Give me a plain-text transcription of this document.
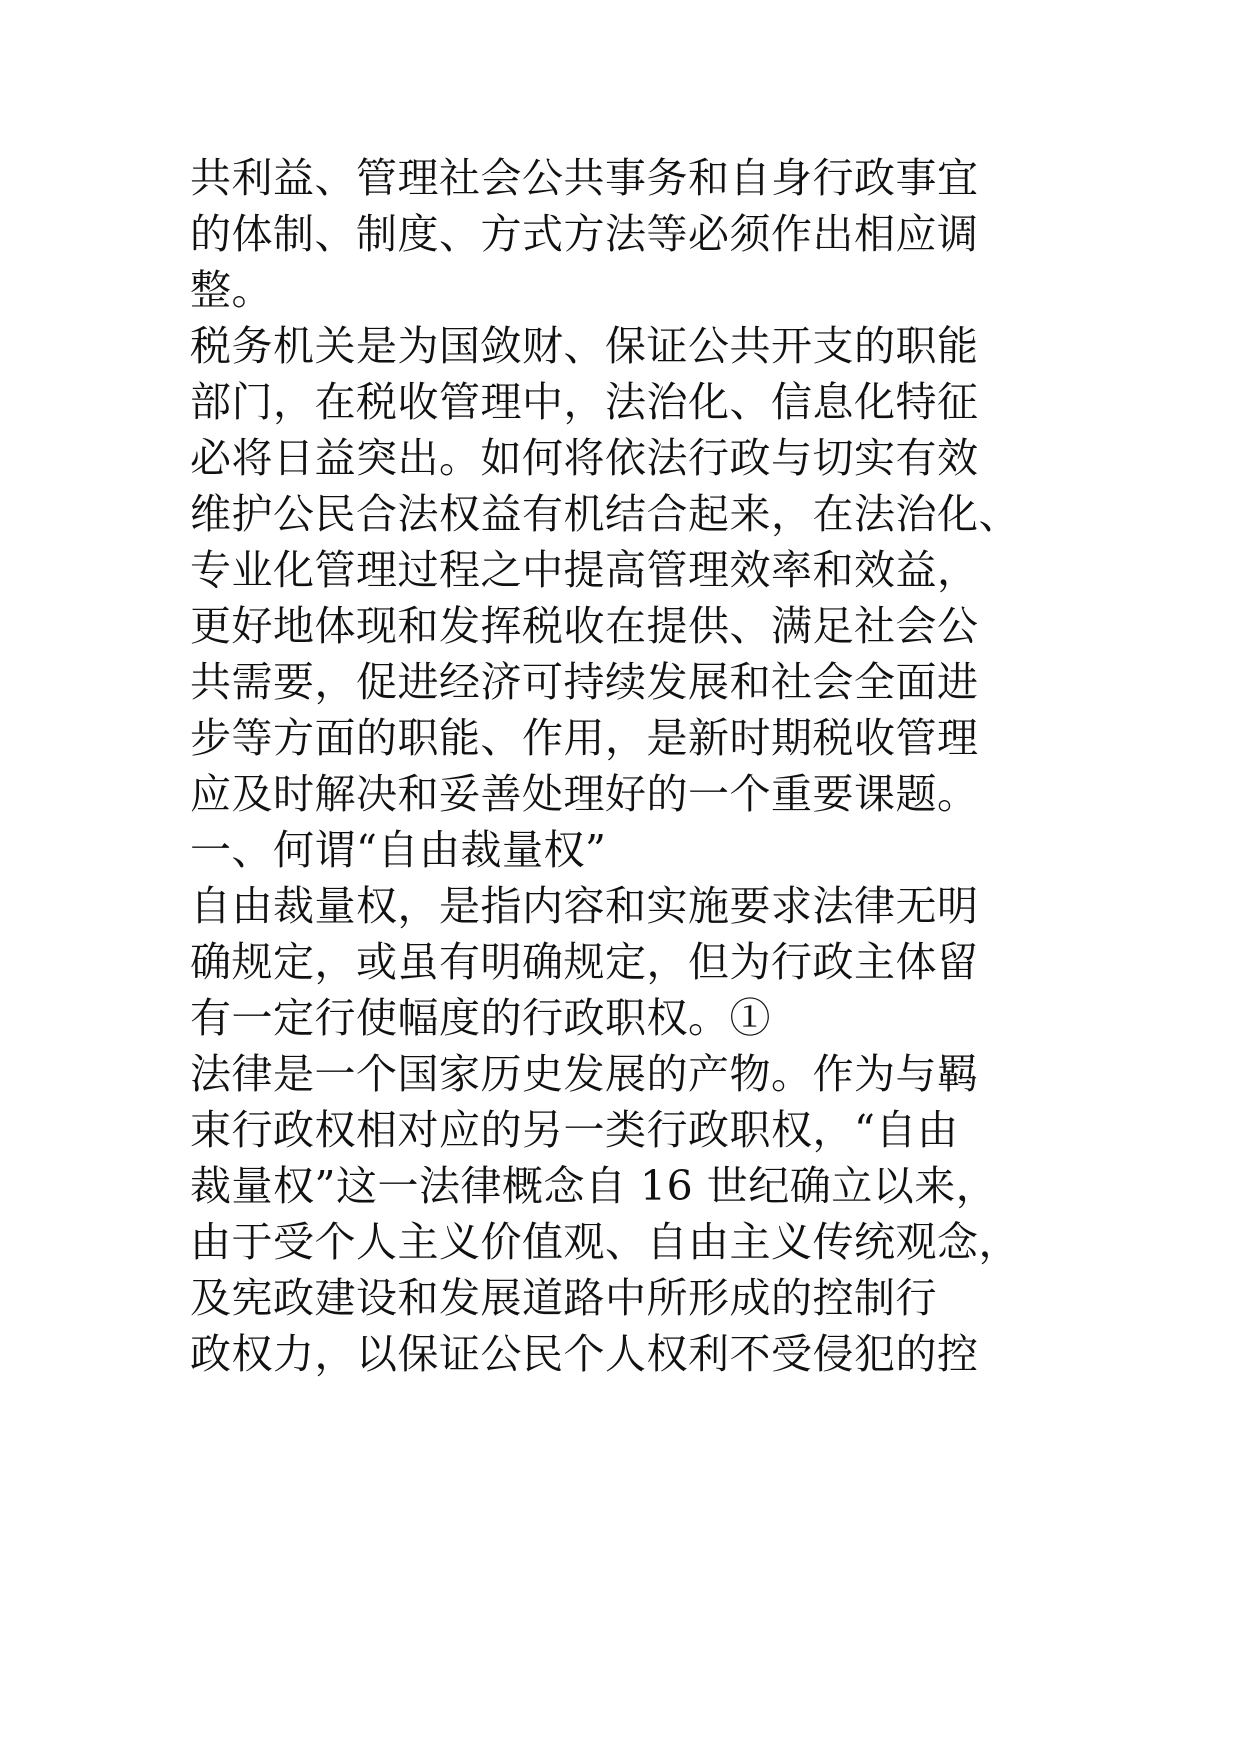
共利益、管理社会公共事务和自身行政事宜
的体制、制度、方式方法等必须作出相应调
整。
税务机关是为国敛财、保证公共开支的职能
部门，在税收管理中，法治化、信息化特征
必将日益突出。如何将依法行政与切实有效
维护公民合法权益有机结合起来，在法治化、
专业化管理过程之中提高管理效率和效益，
更好地体现和发挥税收在提供、满足社会公
共需要，促进经济可持续发展和社会全面进
步等方面的职能、作用，是新时期税收管理
应及时解决和妥善处理好的一个重要课题。
一、何谓“自由裁量权”
自由裁量权，是指内容和实施要求法律无明
确规定，或虽有明确规定，但为行政主体留
有一定行使幅度的行政职权。①
法律是一个国家历史发展的产物。作为与羁
束行政权相对应的另一类行政职权，“自由
裁量权”这一法律概念自 16 世纪确立以来，
由于受个人主义价值观、自由主义传统观念，
及宪政建设和发展道路中所形成的控制行
政权力，以保证公民个人权利不受侵犯的控
